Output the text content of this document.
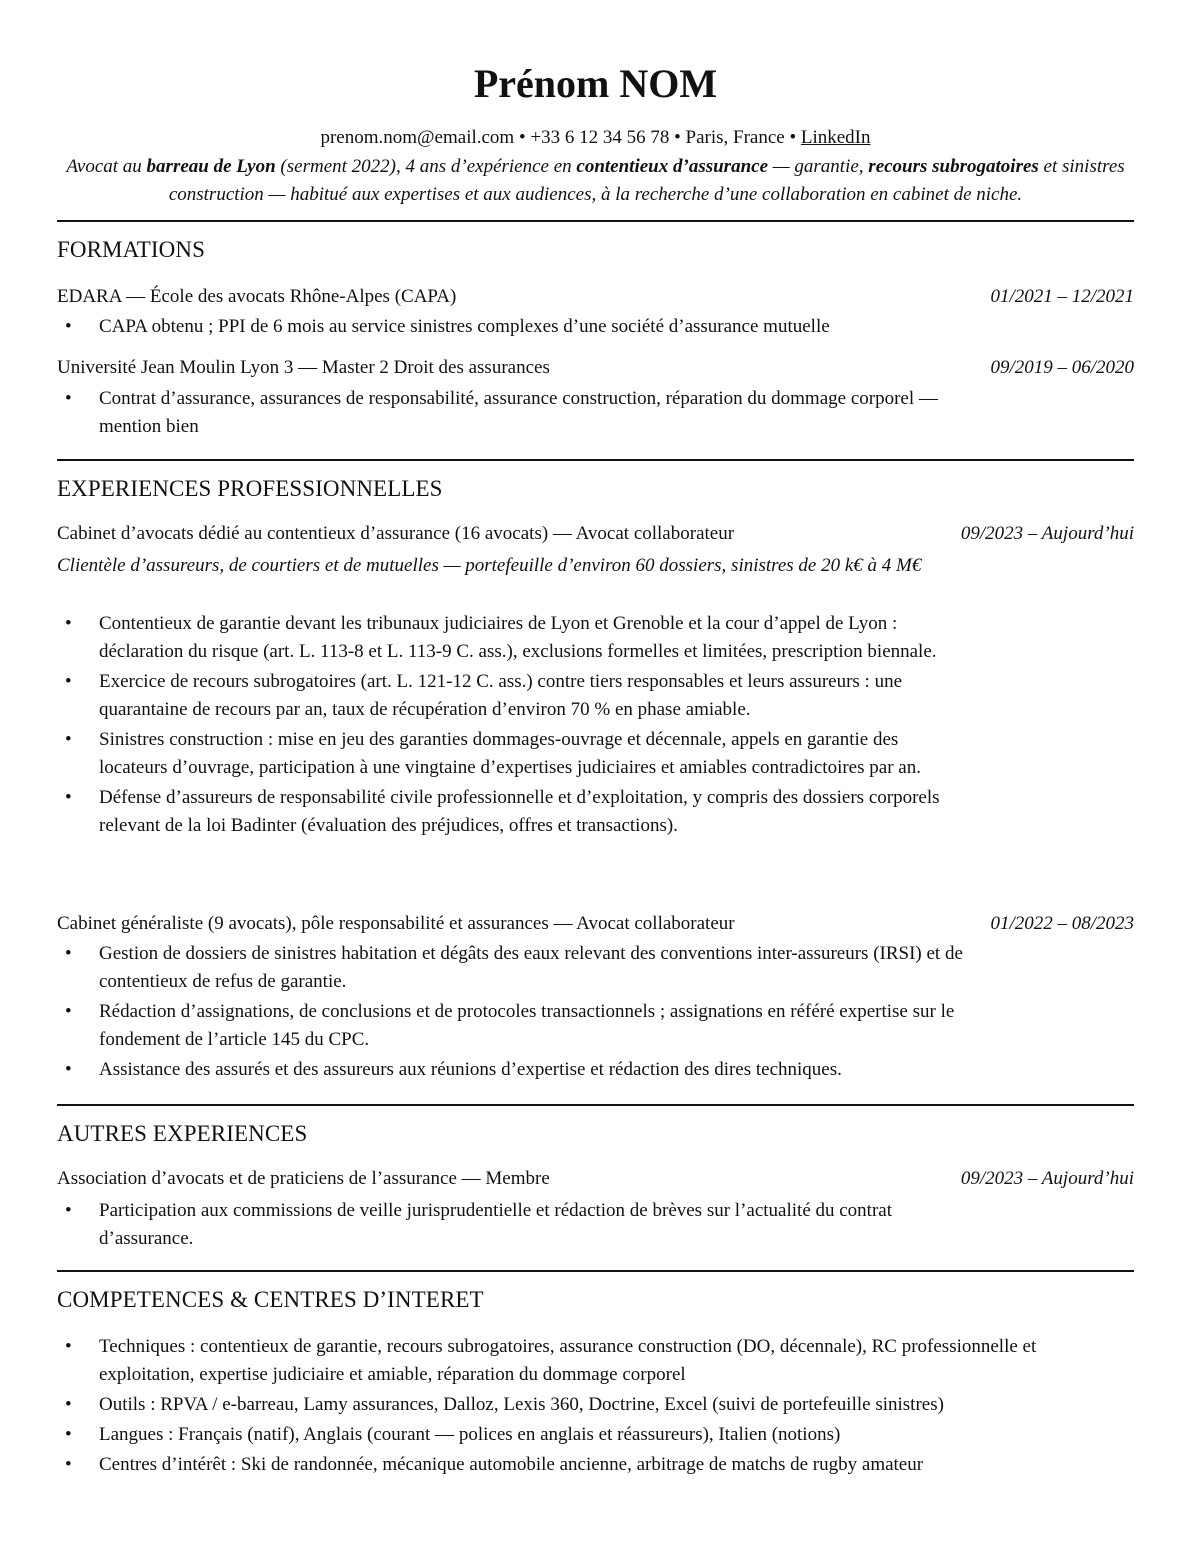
Prénom NOM
prenom.nom@email.com • +33 6 12 34 56 78 • Paris, France • LinkedIn
Avocat au barreau de Lyon (serment 2022), 4 ans d’expérience en contentieux d’assurance — garantie, recours subrogatoires et sinistres construction — habitué aux expertises et aux audiences, à la recherche d’une collaboration en cabinet de niche.
FORMATIONS
EDARA — École des avocats Rhône-Alpes (CAPA)	01/2021 – 12/2021
• CAPA obtenu ; PPI de 6 mois au service sinistres complexes d’une société d’assurance mutuelle
Université Jean Moulin Lyon 3 — Master 2 Droit des assurances	09/2019 – 06/2020
• Contrat d’assurance, assurances de responsabilité, assurance construction, réparation du dommage corporel — mention bien
EXPERIENCES PROFESSIONNELLES
Cabinet d’avocats dédié au contentieux d’assurance (16 avocats) — Avocat collaborateur	09/2023 – Aujourd’hui
Clientèle d’assureurs, de courtiers et de mutuelles — portefeuille d’environ 60 dossiers, sinistres de 20 k€ à 4 M€
• Contentieux de garantie devant les tribunaux judiciaires de Lyon et Grenoble et la cour d’appel de Lyon : déclaration du risque (art. L. 113-8 et L. 113-9 C. ass.), exclusions formelles et limitées, prescription biennale.
• Exercice de recours subrogatoires (art. L. 121-12 C. ass.) contre tiers responsables et leurs assureurs : une quarantaine de recours par an, taux de récupération d’environ 70 % en phase amiable.
• Sinistres construction : mise en jeu des garanties dommages-ouvrage et décennale, appels en garantie des locateurs d’ouvrage, participation à une vingtaine d’expertises judiciaires et amiables contradictoires par an.
• Défense d’assureurs de responsabilité civile professionnelle et d’exploitation, y compris des dossiers corporels relevant de la loi Badinter (évaluation des préjudices, offres et transactions).
Cabinet généraliste (9 avocats), pôle responsabilité et assurances — Avocat collaborateur	01/2022 – 08/2023
• Gestion de dossiers de sinistres habitation et dégâts des eaux relevant des conventions inter-assureurs (IRSI) et de contentieux de refus de garantie.
• Rédaction d’assignations, de conclusions et de protocoles transactionnels ; assignations en référé expertise sur le fondement de l’article 145 du CPC.
• Assistance des assurés et des assureurs aux réunions d’expertise et rédaction des dires techniques.
AUTRES EXPERIENCES
Association d’avocats et de praticiens de l’assurance — Membre	09/2023 – Aujourd’hui
• Participation aux commissions de veille jurisprudentielle et rédaction de brèves sur l’actualité du contrat d’assurance.
COMPETENCES & CENTRES D’INTERET
• Techniques : contentieux de garantie, recours subrogatoires, assurance construction (DO, décennale), RC professionnelle et exploitation, expertise judiciaire et amiable, réparation du dommage corporel
• Outils : RPVA / e-barreau, Lamy assurances, Dalloz, Lexis 360, Doctrine, Excel (suivi de portefeuille sinistres)
• Langues : Français (natif), Anglais (courant — polices en anglais et réassureurs), Italien (notions)
• Centres d’intérêt : Ski de randonnée, mécanique automobile ancienne, arbitrage de matchs de rugby amateur
